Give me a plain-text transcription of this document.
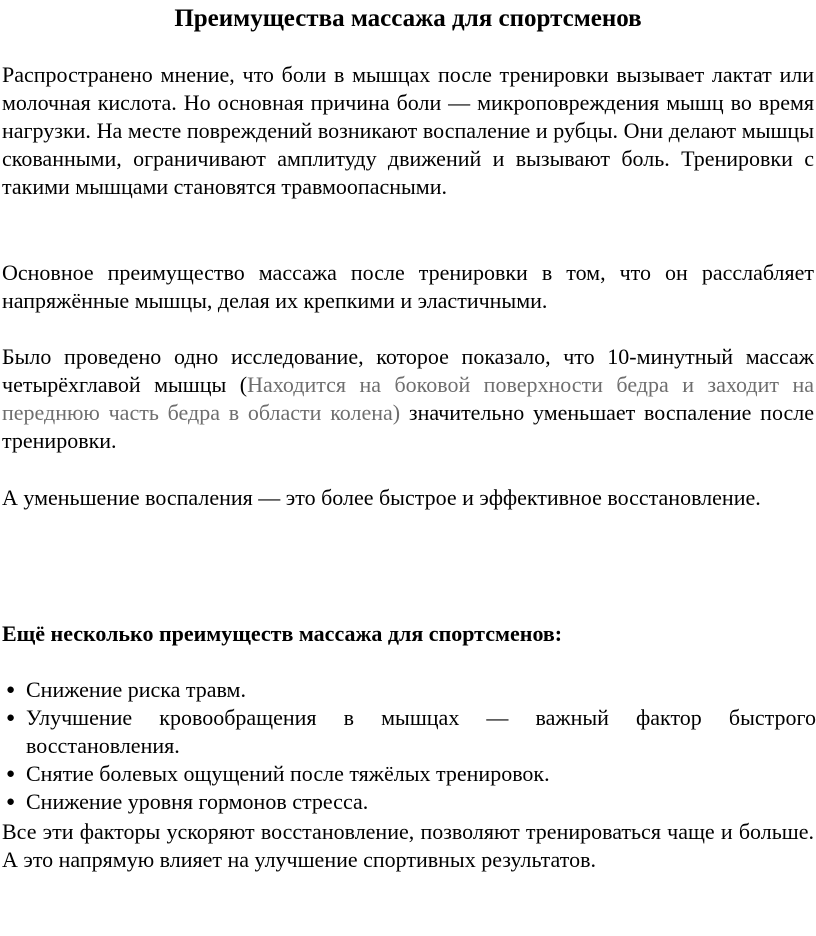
Преимущества массажа для спортсменов

Распространено мнение, что боли в мышцах после тренировки вызывает лактат или молочная кислота. Но основная причина боли — микроповреждения мышц во время нагрузки. На месте повреждений возникают воспаление и рубцы. Они делают мышцы скованными, ограничивают амплитуду движений и вызывают боль. Тренировки с такими мышцами становятся травмоопасными.

Основное преимущество массажа после тренировки в том, что он расслабляет напряжённые мышцы, делая их крепкими и эластичными.

Было проведено одно исследование, которое показало, что 10-минутный массаж четырёхглавой мышцы (Находится на боковой поверхности бедра и заходит на переднюю часть бедра в области колена) значительно уменьшает воспаление после тренировки.

А уменьшение воспаления — это более быстрое и эффективное восстановление.

Ещё несколько преимуществ массажа для спортсменов:
● Снижение риска травм.
● Улучшение кровообращения в мышцах — важный фактор быстрого восстановления.
● Снятие болевых ощущений после тяжёлых тренировок.
● Снижение уровня гормонов стресса.

Все эти факторы ускоряют восстановление, позволяют тренироваться чаще и больше. А это напрямую влияет на улучшение спортивных результатов.
